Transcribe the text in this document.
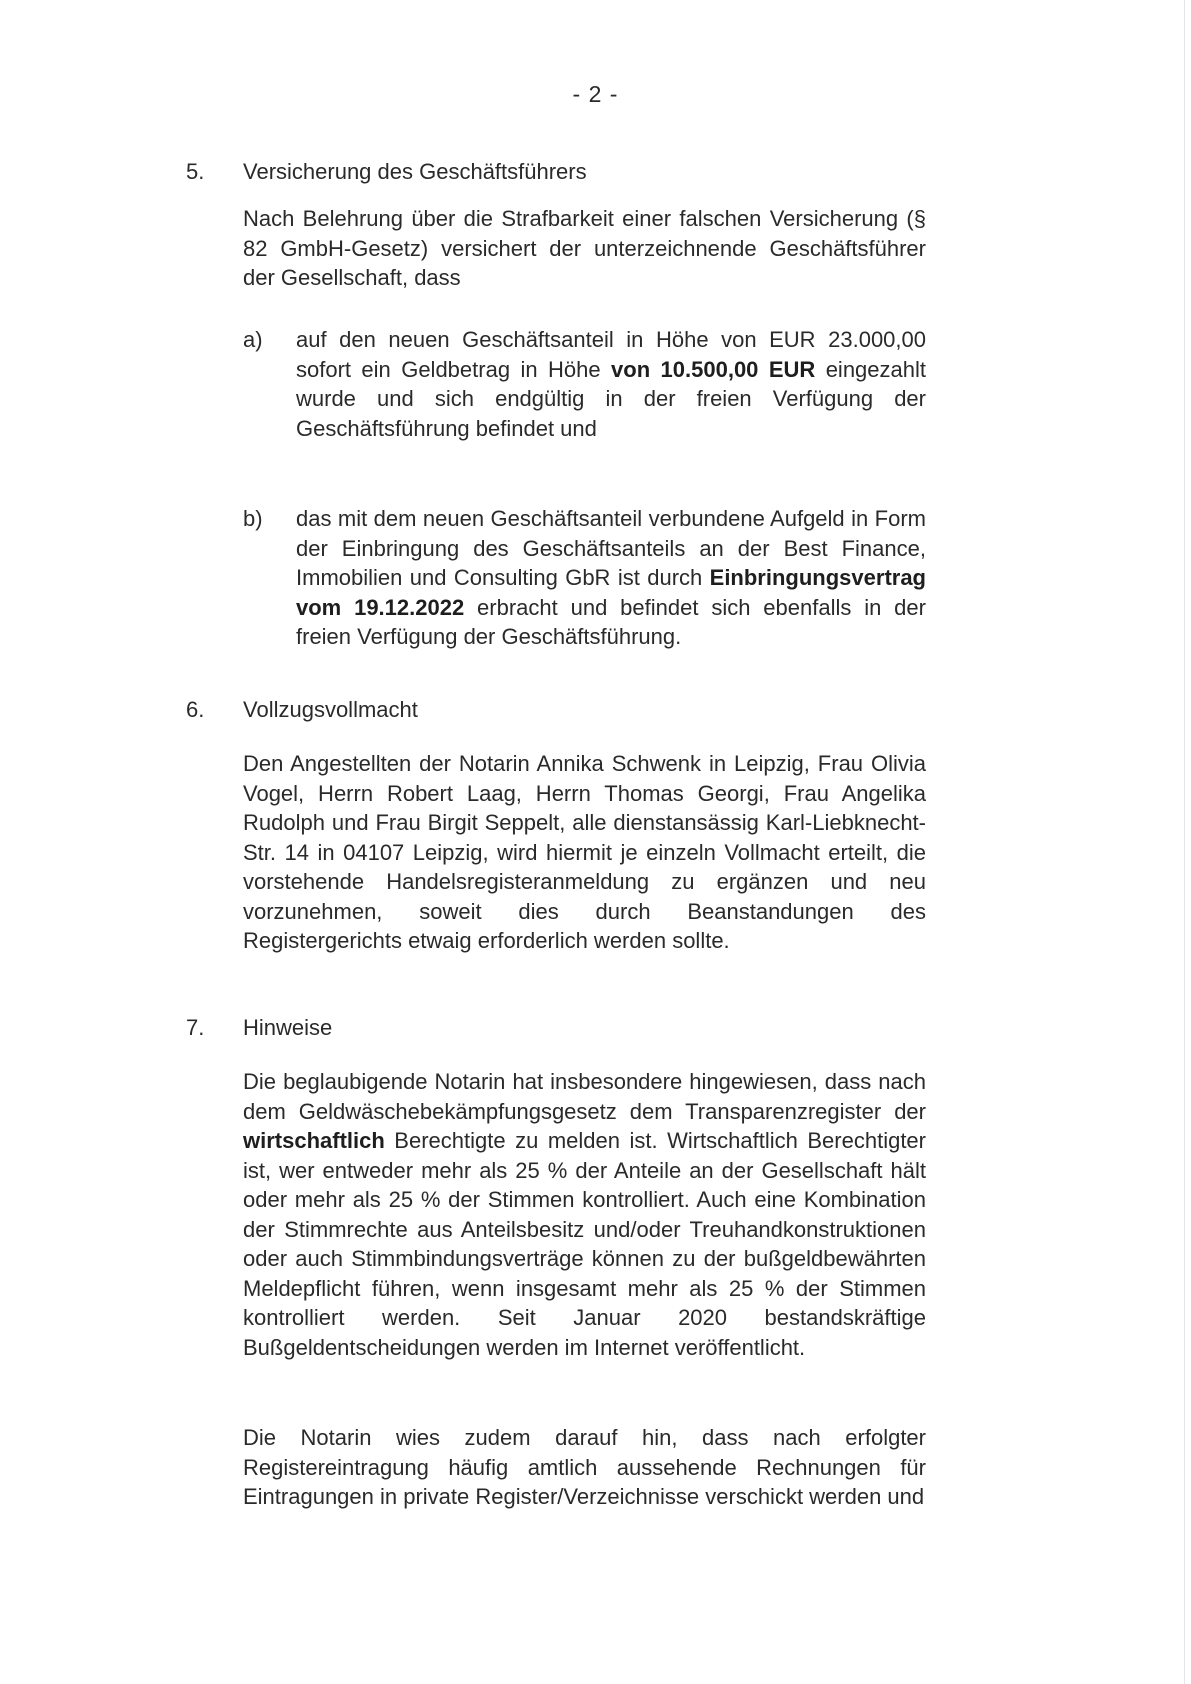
- 2 -
5.	Versicherung des Geschäftsführers

Nach Belehrung über die Strafbarkeit einer falschen Versicherung (§ 82 GmbH-Gesetz) versichert der unterzeichnende Geschäftsführer der Gesellschaft, dass

a) auf den neuen Geschäftsanteil in Höhe von EUR 23.000,00 sofort ein Geldbetrag in Höhe von 10.500,00 EUR eingezahlt wurde und sich endgültig in der freien Verfügung der Geschäftsführung befindet und
b) das mit dem neuen Geschäftsanteil verbundene Aufgeld in Form der Einbringung des Geschäftsanteils an der Best Finance, Immobilien und Consulting GbR ist durch Einbringungsvertrag vom 19.12.2022 erbracht und befindet sich ebenfalls in der freien Verfügung der Geschäftsführung.
6.	Vollzugsvollmacht

Den Angestellten der Notarin Annika Schwenk in Leipzig, Frau Olivia Vogel, Herrn Robert Laag, Herrn Thomas Georgi, Frau Angelika Rudolph und Frau Birgit Seppelt, alle dienstansässig Karl-Liebknecht-Str. 14 in 04107 Leipzig, wird hiermit je einzeln Vollmacht erteilt, die vorstehende Handelsregisteranmeldung zu ergänzen und neu vorzunehmen, soweit dies durch Beanstandungen des Registergerichts etwaig erforderlich werden sollte.

7.	Hinweise

Die beglaubigende Notarin hat insbesondere hingewiesen, dass nach dem Geldwäschebekämpfungsgesetz dem Transparenzregister der wirtschaftlich Berechtigte zu melden ist. Wirtschaftlich Berechtigter ist, wer entweder mehr als 25 % der Anteile an der Gesellschaft hält oder mehr als 25 % der Stimmen kontrolliert. Auch eine Kombination der Stimmrechte aus Anteilsbesitz und/oder Treuhandkonstruktionen oder auch Stimmbindungsverträge können zu der bußgeldbewährten Meldepflicht führen, wenn insgesamt mehr als 25 % der Stimmen kontrolliert werden. Seit Januar 2020 bestandskräftige Bußgeldentscheidungen werden im Internet veröffentlicht.

Die Notarin wies zudem darauf hin, dass nach erfolgter Registereintragung häufig amtlich aussehende Rechnungen für Eintragungen in private Register/Verzeichnisse verschickt werden und
